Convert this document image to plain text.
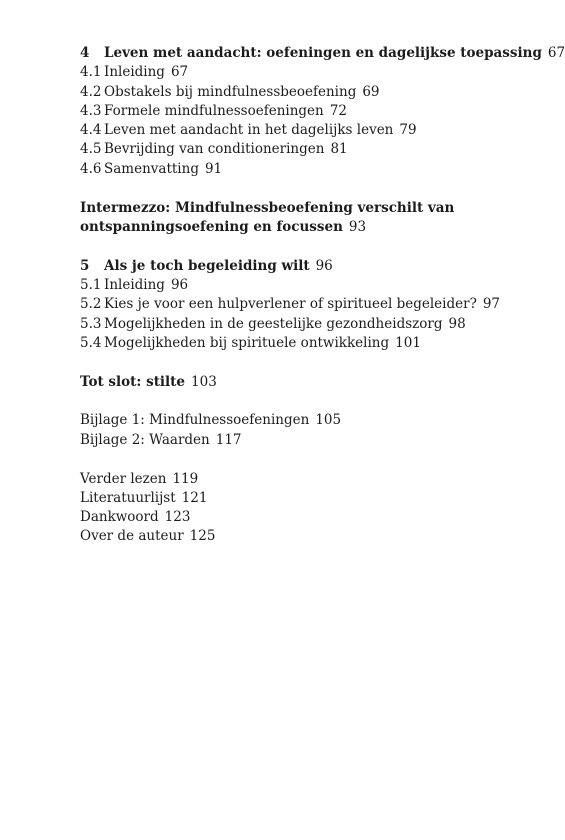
4 Leven met aandacht: oefeningen en dagelijkse toepassing 67
4.1 Inleiding 67
4.2 Obstakels bij mindfulnessbeoefening 69
4.3 Formele mindfulnessoefeningen 72
4.4 Leven met aandacht in het dagelijks leven 79
4.5 Bevrijding van conditioneringen 81
4.6 Samenvatting 91
Intermezzo: Mindfulnessbeoefening verschilt van
ontspanningsoefening en focussen 93
5 Als je toch begeleiding wilt 96
5.1 Inleiding 96
5.2 Kies je voor een hulpverlener of spiritueel begeleider? 97
5.3 Mogelijkheden in de geestelijke gezondheidszorg 98
5.4 Mogelijkheden bij spirituele ontwikkeling 101
Tot slot: stilte 103
Bijlage 1: Mindfulnessoefeningen 105
Bijlage 2: Waarden 117
Verder lezen 119
Literatuurlijst 121
Dankwoord 123
Over de auteur 125
